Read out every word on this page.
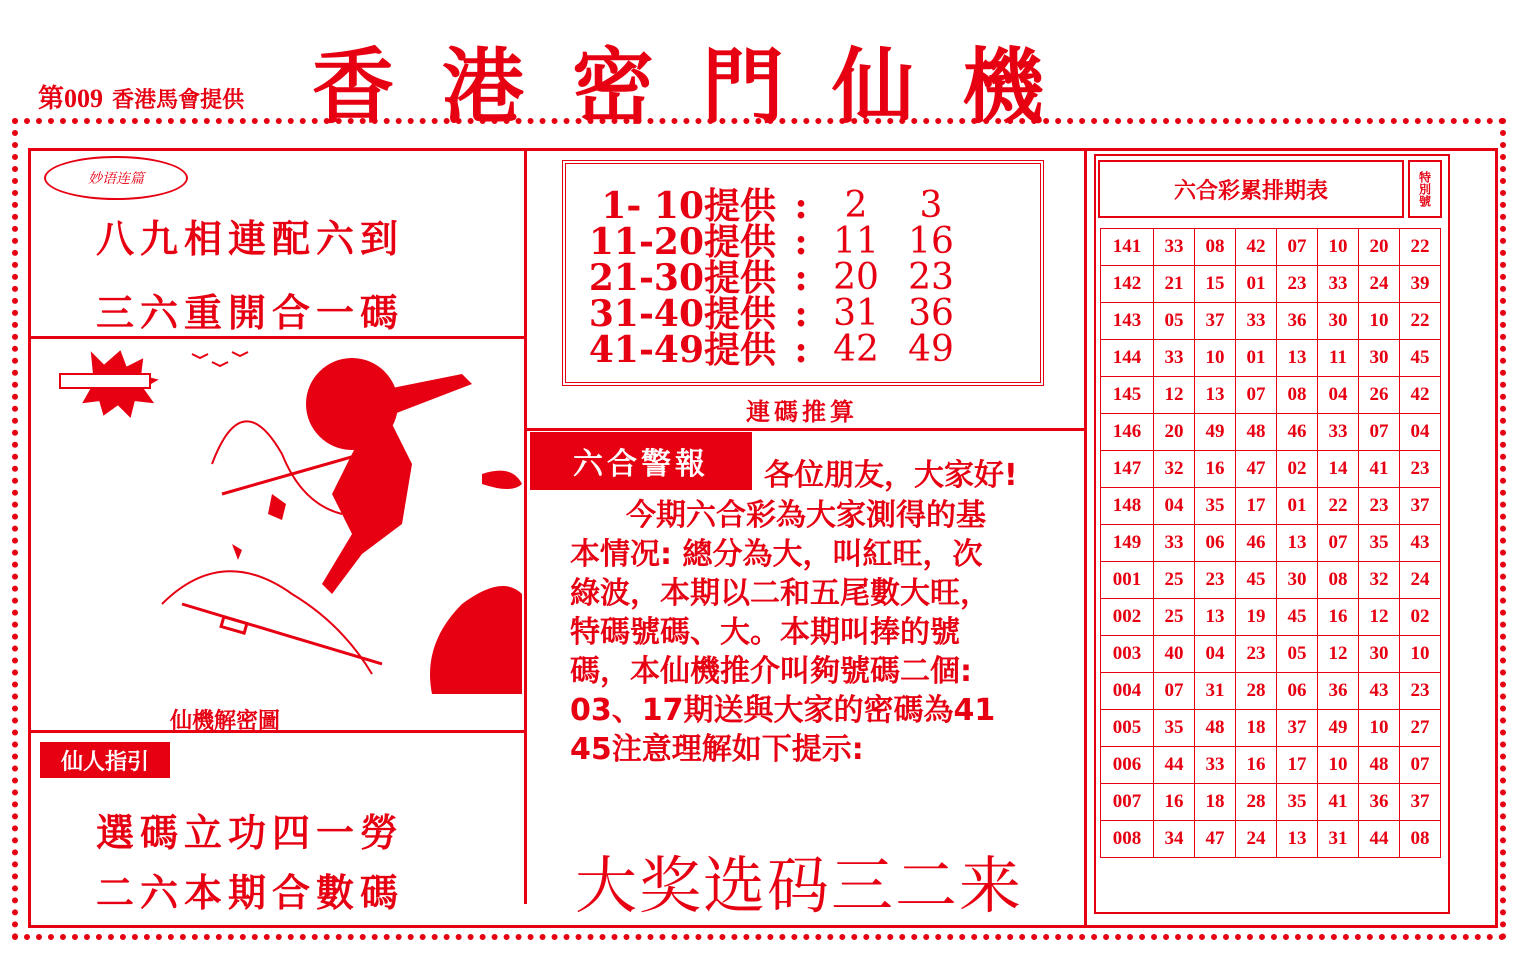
第009 香港馬會提供 香港密門仙機
妙语连篇
八九相連配六到
三六重開合一碼
仙機解密圖
仙人指引
選碼立功四一勞
二六本期合數碼
1- 10提供 :	2	3
11-20提供 : 11 16
21-30提供 : 20 23
31-40提供 : 31 36
41-49提供 : 42 49
連碼推算
六合警報	各位朋友，大家好!
今期六合彩為大家測得的基
本情况: 總分為大，叫紅旺，次
綠波，本期以二和五尾數大旺，
特碼號碼、大。本期叫捧的號
碼，本仙機推介叫夠號碼二個:
03、17期送與大家的密碼為41
45注意理解如下提示:
大奖选码三二来
六合彩累排期表	特別號
141	33	08	42	07	10	20	22
142	21	15	01	23	33	24	39
143	05	37	33	36	30	10	22
144	33	10	01	13	11	30	45
145	12	13	07	08	04	26	42
146	20	49	48	46	33	07	04
147	32	16	47	02	14	41	23
148	04	35	17	01	22	23	37
149	33	06	46	13	07	35	43
001	25	23	45	30	08	32	24
002	25	13	19	45	16	12	02
003	40	04	23	05	12	30	10
004	07	31	28	06	36	43	23
005	35	48	18	37	49	10	27
006	44	33	16	17	10	48	07
007	16	18	28	35	41	36	37
008	34	47	24	13	31	44	08
